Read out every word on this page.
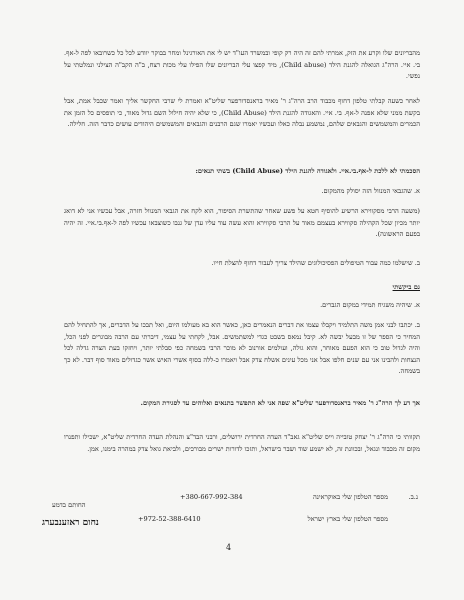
מהבריונים שלו וקרע את הזק, אמרתי להם זה היה רק קופי ובמשרד העו"ד יש לי את האורגינל ומחר בבוקר יוודע לכל כל כשרובאו לפה ל-אף. בי. איי. הרה"ג הגואלה להגנת הילד (Child abuse), מיד קפצו עלי הבריונים שלו הפילו עלי מכות רצח, ב"ה הקב"ה הצילני ונמלטתי על נפשי.

לאחר כשעה קבלתי טלפון דחוף מכבוד הרב הרה"ג ר' מאיר בראנסדורפער שליט"א ואמרת לי שרבי החקשר אליך ואמר שכבל אמת, אבל בקשת ממני שלא אפנה ל-אף. בי. איי. והאגודה להגנת הילד (Child Abuse), כי שלא יהיה חילול השם גדול מאוד, כי תופסים כל הזמן את הכמרים והמשמשים והגבאים שלהם, נמשמע נבלה כאלו ועכשיו יאמרו שגם הרבנים והגבאים והמשמשים היהודים עושים כדבר הזה. חלילה.

הסכמתי לא ללכת ל-אף.בי.איי. ולאגודה להגנת הילד (Child Abuse) בשתי תנאים:

א. שהגבאי המנוול הזה יסולק מהמקום.

(משעה הרבי מסקווירא הרשיע להוסיף חטא על פשע שאחר שהתשרת הסיפור, הוא לקח את הגבאי המנוול חזרה, אבל עכשיו אני לא דואג יותר מכיון שכל הקהילה סקווירא בעצמם מאוד על הרבי סקווירא והוא עשה עוד עליו עדן של גנבו כשוצבאו עכשיו לפה ל-אף.בי.איי. זה יהיה בפעם הראשונה).

ב. שישלמו כמה עבור הטיפולים הפסיכולוגים שהילד צריך לעבור דחוף להצלת חייו.

גם ביקשתי

א. שיהיה משגיח תמידי במקום הגברים.

ב. יכתבו לבני אמן משה התלמיד ויקבלו עצמו את דברים הנאמרים כאן, כאשר הוא בא מעולמו היום, ואל תבכו על הדברים, אך להתחיל להם המחיר כי הספר של זו מבעל יבשה לא. קיבל נמאס בשבט כגדי למשתמשים. אבל, לקחתי על עצמי, דיברתי עם הרבה מבוגרים לפני הכל, והיה לגדול טוב כי הוא הפעם מאוחר, והוא גולה, ועולמים אורנוב לא מוכר הרבי בשמחה כפי סבלתי יותר, ויחזקו בעת הצרה גדלה לכל הנצחות ולהבינו אני עם שנים חלפו אבל אני מכל עינים אשלח צדק אבל ויאמרו כ-ללה בסוף אשרי האיש אשר כגדולים מאוד סוף דבר. לא כך בשמחה.

אך דע לך הרה"ג ר' מאיר בראנסדורפער שליט"א שפה אני לא התפשר בתנאים ואלוהים עד לסגירת המקום.

תקוותי כי הרה"ג ר' יצחק טובייה וייס שליט"א גאב"ד העדה החרדית ירושלים, ורבני הבד"צ והנהלת העדה החרדית שליט"א, ישכילו ותפנרו מקום זה מכבוד ונגאל, ובכוונת זה, לא ישמע שוד ושבר בישראל, ותזכו לדורות ישרים מבורכים, ולביאת גואל צדק במהרה בימנו, אמן.

נ.ב.
מספר הטלפון שלי באוקראינה
+380-667-992-384
מספר הטלפון שלי בארץ ישראל
+972-52-388-6410
החותם בדמע
נחום ראזענבערג
4
